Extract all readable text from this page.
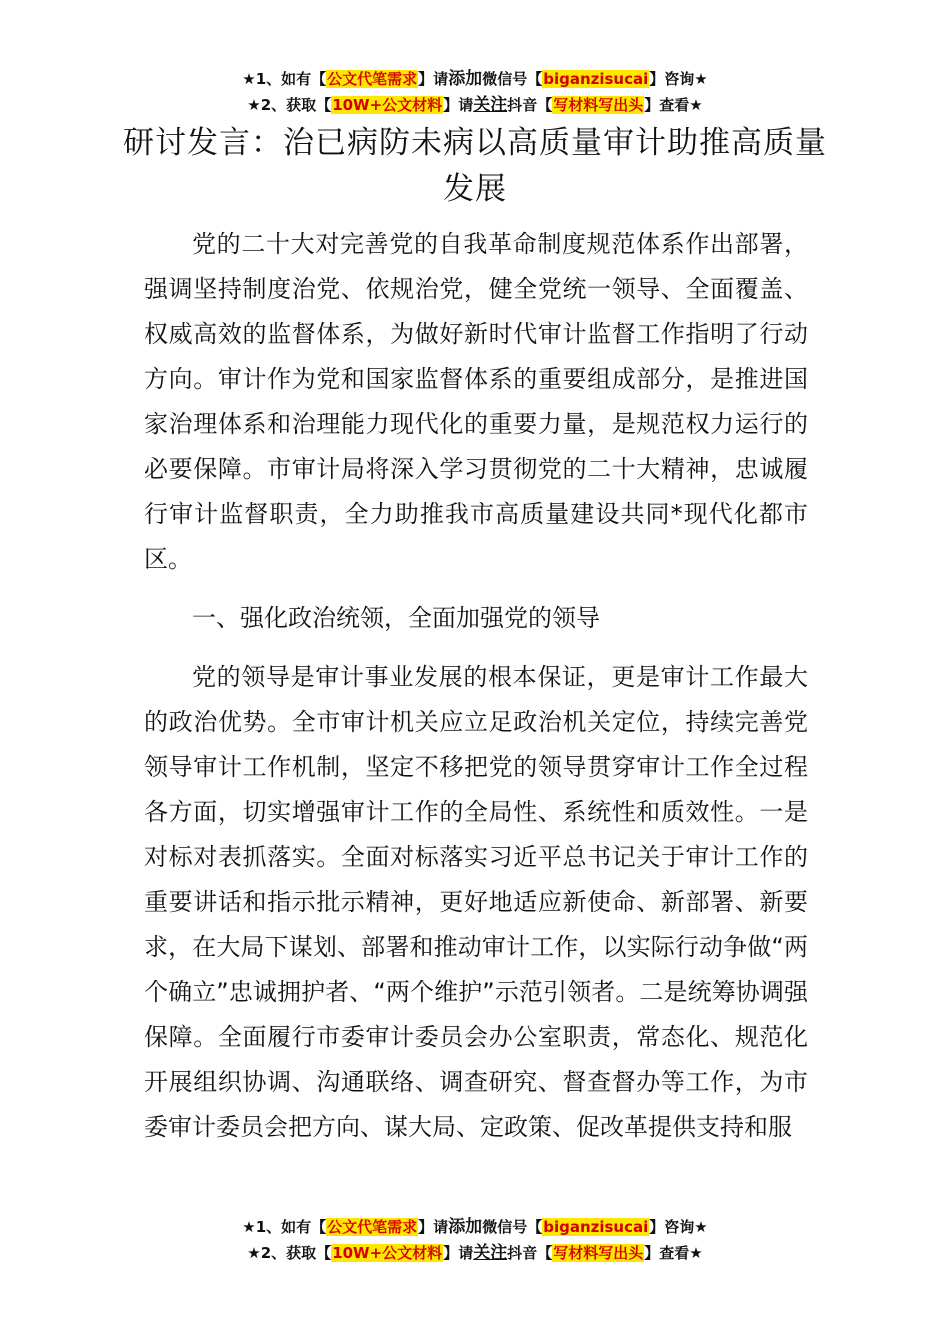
★1、如有【公文代笔需求】请添加微信号【biganzisucai】咨询★
★2、获取【10W+公文材料】请关注抖音【写材料写出头】查看★
研讨发言：治已病防未病以高质量审计助推高质量发展

党的二十大对完善党的自我革命制度规范体系作出部署，强调坚持制度治党、依规治党，健全党统一领导、全面覆盖、权威高效的监督体系，为做好新时代审计监督工作指明了行动方向。审计作为党和国家监督体系的重要组成部分，是推进国家治理体系和治理能力现代化的重要力量，是规范权力运行的必要保障。市审计局将深入学习贯彻党的二十大精神，忠诚履行审计监督职责，全力助推我市高质量建设共同*现代化都市区。

一、强化政治统领，全面加强党的领导

党的领导是审计事业发展的根本保证，更是审计工作最大的政治优势。全市审计机关应立足政治机关定位，持续完善党领导审计工作机制，坚定不移把党的领导贯穿审计工作全过程各方面，切实增强审计工作的全局性、系统性和质效性。一是对标对表抓落实。全面对标落实习近平总书记关于审计工作的重要讲话和指示批示精神，更好地适应新使命、新部署、新要求，在大局下谋划、部署和推动审计工作，以实际行动争做“两个确立”忠诚拥护者、“两个维护”示范引领者。二是统筹协调强保障。全面履行市委审计委员会办公室职责，常态化、规范化开展组织协调、沟通联络、调查研究、督查督办等工作，为市委审计委员会把方向、谋大局、定政策、促改革提供支持和服

★1、如有【公文代笔需求】请添加微信号【biganzisucai】咨询★
★2、获取【10W+公文材料】请关注抖音【写材料写出头】查看★
